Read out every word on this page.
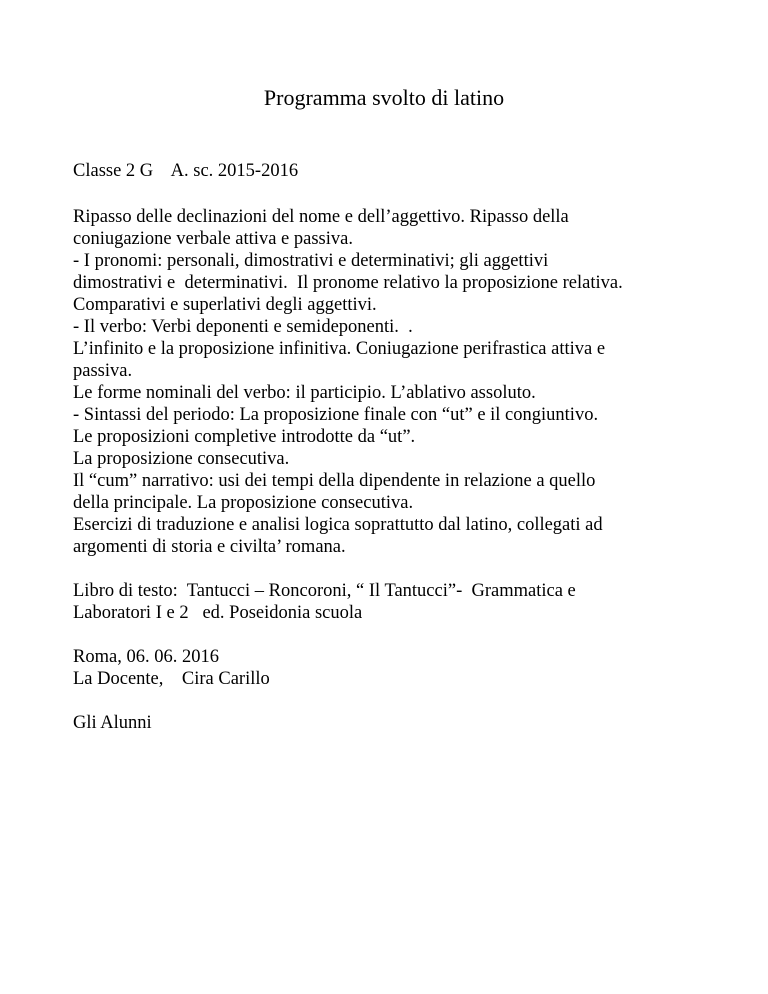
Programma svolto di latino
Classe 2 G    A. sc. 2015-2016
Ripasso delle declinazioni del nome e dell’aggettivo. Ripasso della
coniugazione verbale attiva e passiva.
- I pronomi: personali, dimostrativi e determinativi; gli aggettivi
dimostrativi e  determinativi.  Il pronome relativo la proposizione relativa.
Comparativi e superlativi degli aggettivi.
- Il verbo: Verbi deponenti e semideponenti.  .
L’infinito e la proposizione infinitiva. Coniugazione perifrastica attiva e
passiva.
Le forme nominali del verbo: il participio. L’ablativo assoluto.
- Sintassi del periodo: La proposizione finale con “ut” e il congiuntivo.
Le proposizioni completive introdotte da “ut”.
La proposizione consecutiva.
Il “cum” narrativo: usi dei tempi della dipendente in relazione a quello
della principale. La proposizione consecutiva.
Esercizi di traduzione e analisi logica soprattutto dal latino, collegati ad
argomenti di storia e civilta’ romana.
Libro di testo:  Tantucci – Roncoroni, “ Il Tantucci”-  Grammatica e
Laboratori I e 2   ed. Poseidonia scuola
Roma, 06. 06. 2016
La Docente,    Cira Carillo
Gli Alunni
